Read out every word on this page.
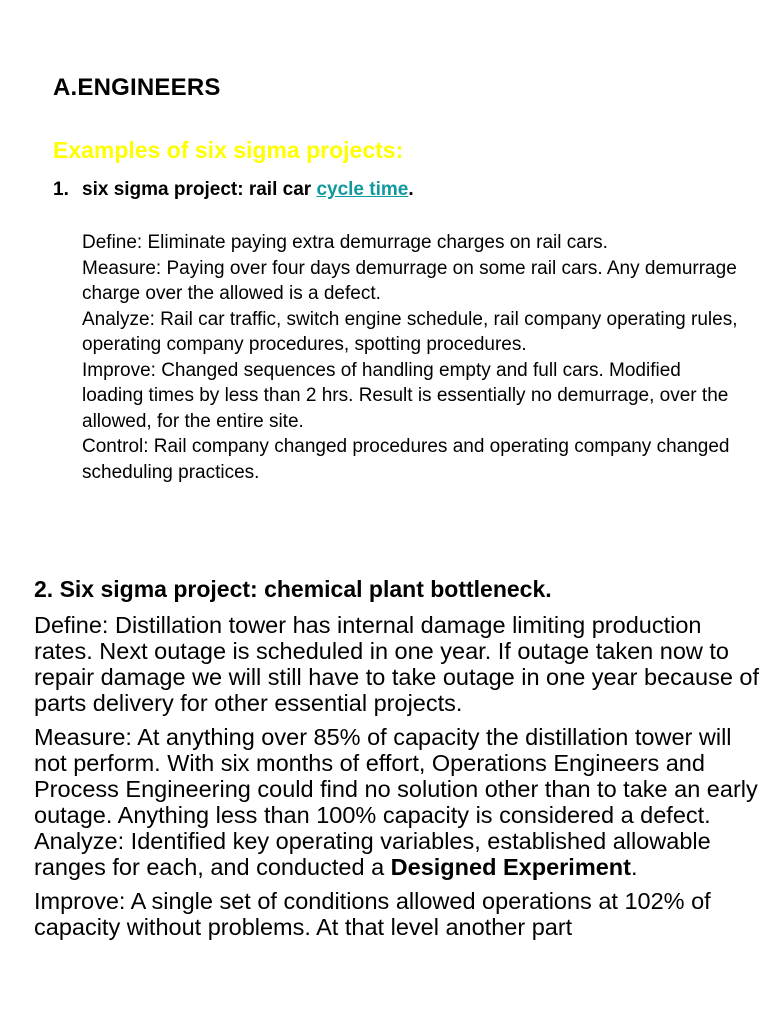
A.ENGINEERS
Examples of six sigma projects:
1. six sigma project: rail car cycle time.

Define: Eliminate paying extra demurrage charges on rail cars.

Measure: Paying over four days demurrage on some rail cars. Any demurrage charge over the allowed is a defect.

Analyze: Rail car traffic, switch engine schedule, rail company operating rules, operating company procedures, spotting procedures.

Improve: Changed sequences of handling empty and full cars. Modified loading times by less than 2 hrs. Result is essentially no demurrage, over the allowed, for the entire site.

Control: Rail company changed procedures and operating company changed scheduling practices.

2. Six sigma project: chemical plant bottleneck.

Define: Distillation tower has internal damage limiting production rates. Next outage is scheduled in one year. If outage taken now to repair damage we will still have to take outage in one year because of parts delivery for other essential projects.

Measure: At anything over 85% of capacity the distillation tower will not perform. With six months of effort, Operations Engineers and Process Engineering could find no solution other than to take an early outage. Anything less than 100% capacity is considered a defect.

Analyze: Identified key operating variables, established allowable ranges for each, and conducted a Designed Experiment.

Improve: A single set of conditions allowed operations at 102% of capacity without problems. At that level another part
